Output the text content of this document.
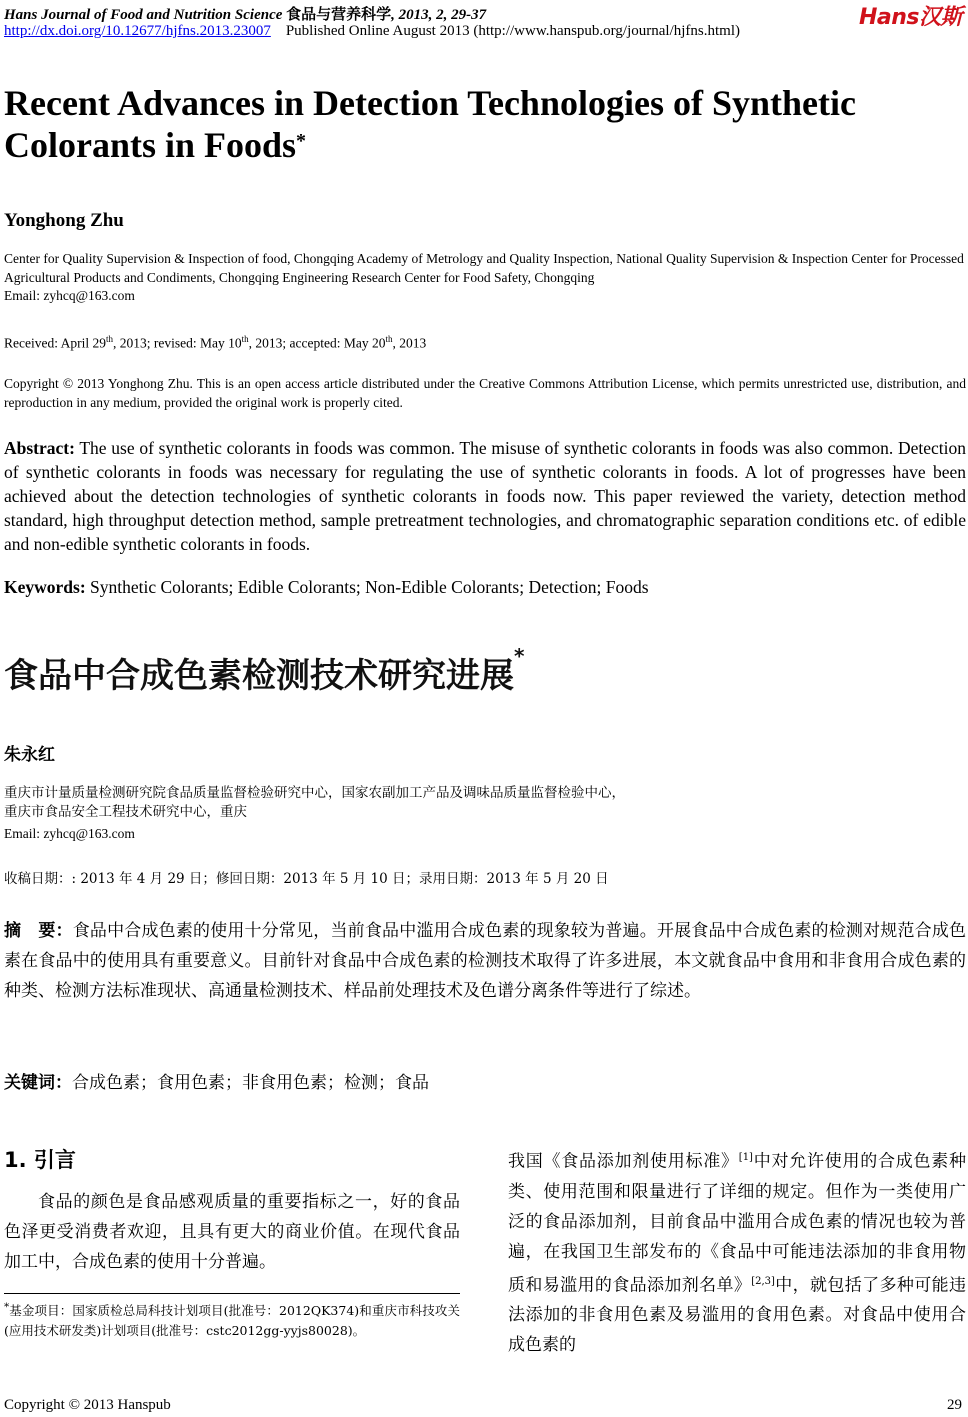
Hans Journal of Food and Nutrition Science 食品与营养科学, 2013, 2, 29-37
http://dx.doi.org/10.12677/hjfns.2013.23007 Published Online August 2013 (http://www.hanspub.org/journal/hjfns.html)
Hans汉斯
Recent Advances in Detection Technologies of Synthetic Colorants in Foods*
Yonghong Zhu
Center for Quality Supervision & Inspection of food, Chongqing Academy of Metrology and Quality Inspection, National Quality Supervision & Inspection Center for Processed Agricultural Products and Condiments, Chongqing Engineering Research Center for Food Safety, Chongqing
Email: zyhcq@163.com
Received: April 29th, 2013; revised: May 10th, 2013; accepted: May 20th, 2013
Copyright © 2013 Yonghong Zhu. This is an open access article distributed under the Creative Commons Attribution License, which permits unrestricted use, distribution, and reproduction in any medium, provided the original work is properly cited.
Abstract: The use of synthetic colorants in foods was common. The misuse of synthetic colorants in foods was also common. Detection of synthetic colorants in foods was necessary for regulating the use of synthetic colorants in foods. A lot of progresses have been achieved about the detection technologies of synthetic colorants in foods now. This paper reviewed the variety, detection method standard, high throughput detection method, sample pretreatment technologies, and chromatographic separation conditions etc. of edible and non-edible synthetic colorants in foods.
Keywords: Synthetic Colorants; Edible Colorants; Non-Edible Colorants; Detection; Foods
食品中合成色素检测技术研究进展*
朱永红
重庆市计量质量检测研究院食品质量监督检验研究中心，国家农副加工产品及调味品质量监督检验中心，
重庆市食品安全工程技术研究中心，重庆
Email: zyhcq@163.com
收稿日期：: 2013 年 4 月 29 日；修回日期：2013 年 5 月 10 日；录用日期：2013 年 5 月 20 日
摘　要：食品中合成色素的使用十分常见，当前食品中滥用合成色素的现象较为普遍。开展食品中合成色素的检测对规范合成色素在食品中的使用具有重要意义。目前针对食品中合成色素的检测技术取得了许多进展，本文就食品中食用和非食用合成色素的种类、检测方法标准现状、高通量检测技术、样品前处理技术及色谱分离条件等进行了综述。
关键词：合成色素；食用色素；非食用色素；检测；食品
1. 引言
食品的颜色是食品感观质量的重要指标之一，好的食品色泽更受消费者欢迎，且具有更大的商业价值。在现代食品加工中，合成色素的使用十分普遍。
*基金项目：国家质检总局科技计划项目(批准号：2012QK374)和重庆市科技攻关(应用技术研发类)计划项目(批准号：cstc2012gg-yyjs80028)。
我国《食品添加剂使用标准》[1]中对允许使用的合成色素种类、使用范围和限量进行了详细的规定。但作为一类使用广泛的食品添加剂，目前食品中滥用合成色素的情况也较为普遍，在我国卫生部发布的《食品中可能违法添加的非食用物质和易滥用的食品添加剂名单》[2,3]中，就包括了多种可能违法添加的非食用色素及易滥用的食用色素。对食品中使用合成色素的
Copyright © 2013 Hanspub	29
